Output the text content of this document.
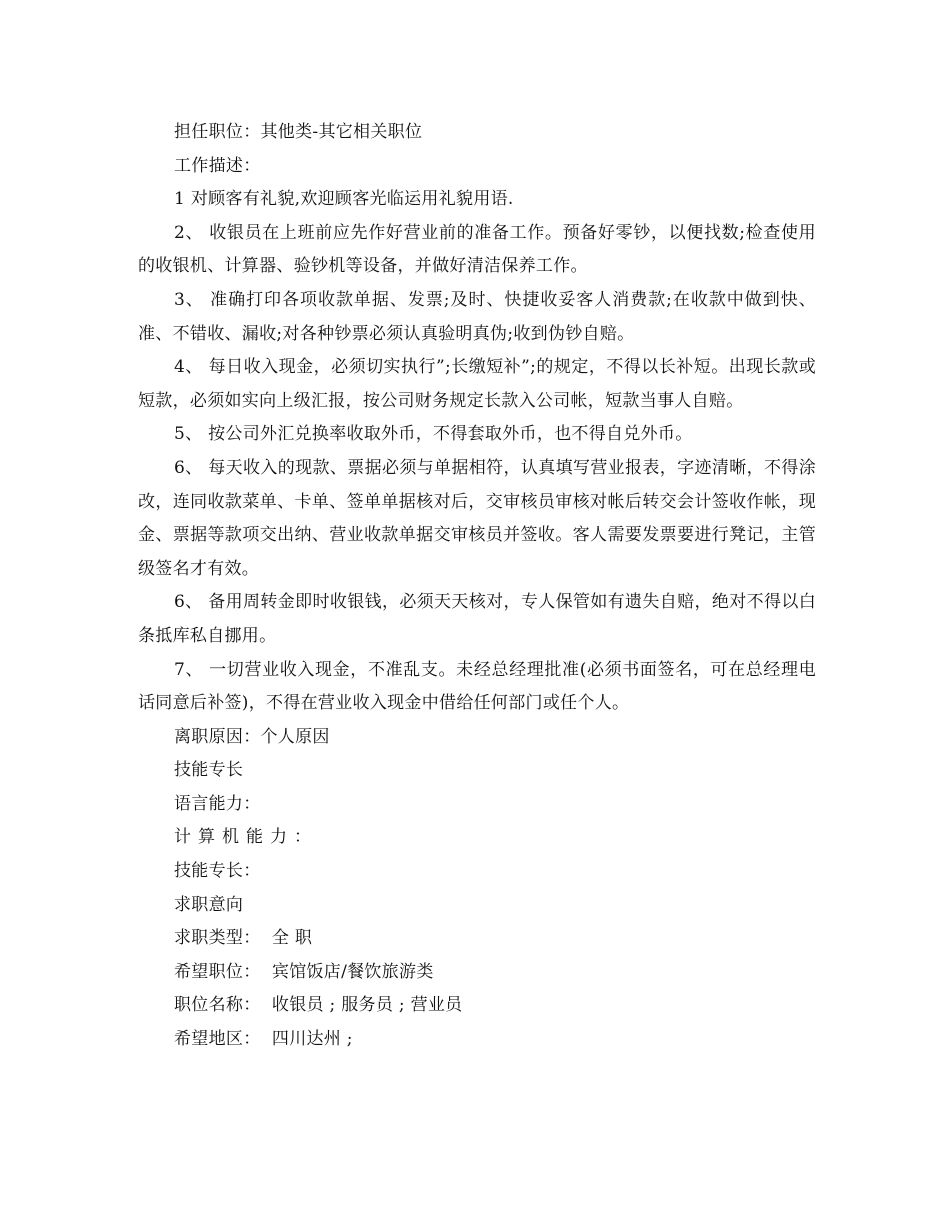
担任职位：其他类-其它相关职位

工作描述：

1 对顾客有礼貌,欢迎顾客光临运用礼貌用语.

2、 收银员在上班前应先作好营业前的准备工作。预备好零钞，以便找数;检查使用的收银机、计算器、验钞机等设备，并做好清洁保养工作。

3、 准确打印各项收款单据、发票;及时、快捷收妥客人消费款;在收款中做到快、准、不错收、漏收;对各种钞票必须认真验明真伪;收到伪钞自赔。

4、 每日收入现金，必须切实执行”;长缴短补”;的规定，不得以长补短。出现长款或短款，必须如实向上级汇报，按公司财务规定长款入公司帐，短款当事人自赔。

5、 按公司外汇兑换率收取外币，不得套取外币，也不得自兑外币。

6、 每天收入的现款、票据必须与单据相符，认真填写营业报表，字迹清晰，不得涂改，连同收款菜单、卡单、签单单据核对后，交审核员审核对帐后转交会计签收作帐，现金、票据等款项交出纳、营业收款单据交审核员并签收。客人需要发票要进行凳记，主管级签名才有效。

6、 备用周转金即时收银钱，必须天天核对，专人保管如有遗失自赔，绝对不得以白条抵库私自挪用。

7、 一切营业收入现金，不准乱支。未经总经理批准(必须书面签名，可在总经理电话同意后补签)，不得在营业收入现金中借给任何部门或任个人。

离职原因：个人原因

技能专长

语言能力：

计算机能力：

技能专长：

求职意向

求职类型：  全 职

希望职位：  宾馆饭店/餐饮旅游类

职位名称：  收银员 ; 服务员 ; 营业员

希望地区：  四川达州 ;
